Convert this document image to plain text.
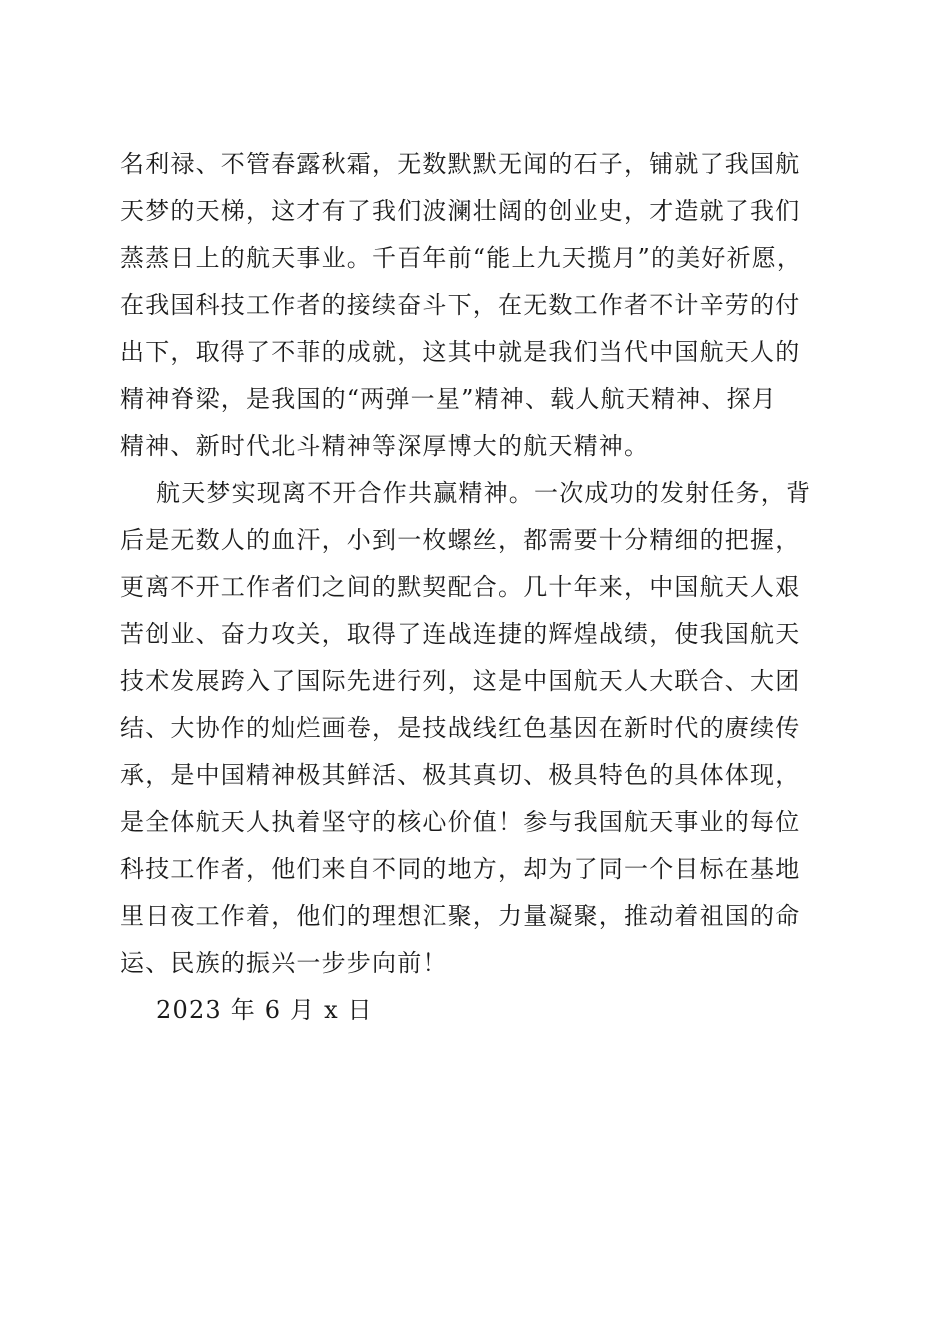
名利禄、不管春露秋霜，无数默默无闻的石子，铺就了我国航
天梦的天梯，这才有了我们波澜壮阔的创业史，才造就了我们
蒸蒸日上的航天事业。千百年前“能上九天揽月”的美好祈愿，
在我国科技工作者的接续奋斗下，在无数工作者不计辛劳的付
出下，取得了不菲的成就，这其中就是我们当代中国航天人的
精神脊梁，是我国的“两弹一星”精神、载人航天精神、探月
精神、新时代北斗精神等深厚博大的航天精神。
航天梦实现离不开合作共赢精神。一次成功的发射任务，背
后是无数人的血汗，小到一枚螺丝，都需要十分精细的把握，
更离不开工作者们之间的默契配合。几十年来，中国航天人艰
苦创业、奋力攻关，取得了连战连捷的辉煌战绩，使我国航天
技术发展跨入了国际先进行列，这是中国航天人大联合、大团
结、大协作的灿烂画卷，是技战线红色基因在新时代的赓续传
承，是中国精神极其鲜活、极其真切、极具特色的具体体现，
是全体航天人执着坚守的核心价值！参与我国航天事业的每位
科技工作者，他们来自不同的地方，却为了同一个目标在基地
里日夜工作着，他们的理想汇聚，力量凝聚，推动着祖国的命
运、民族的振兴一步步向前！
2023 年 6 月 x 日
